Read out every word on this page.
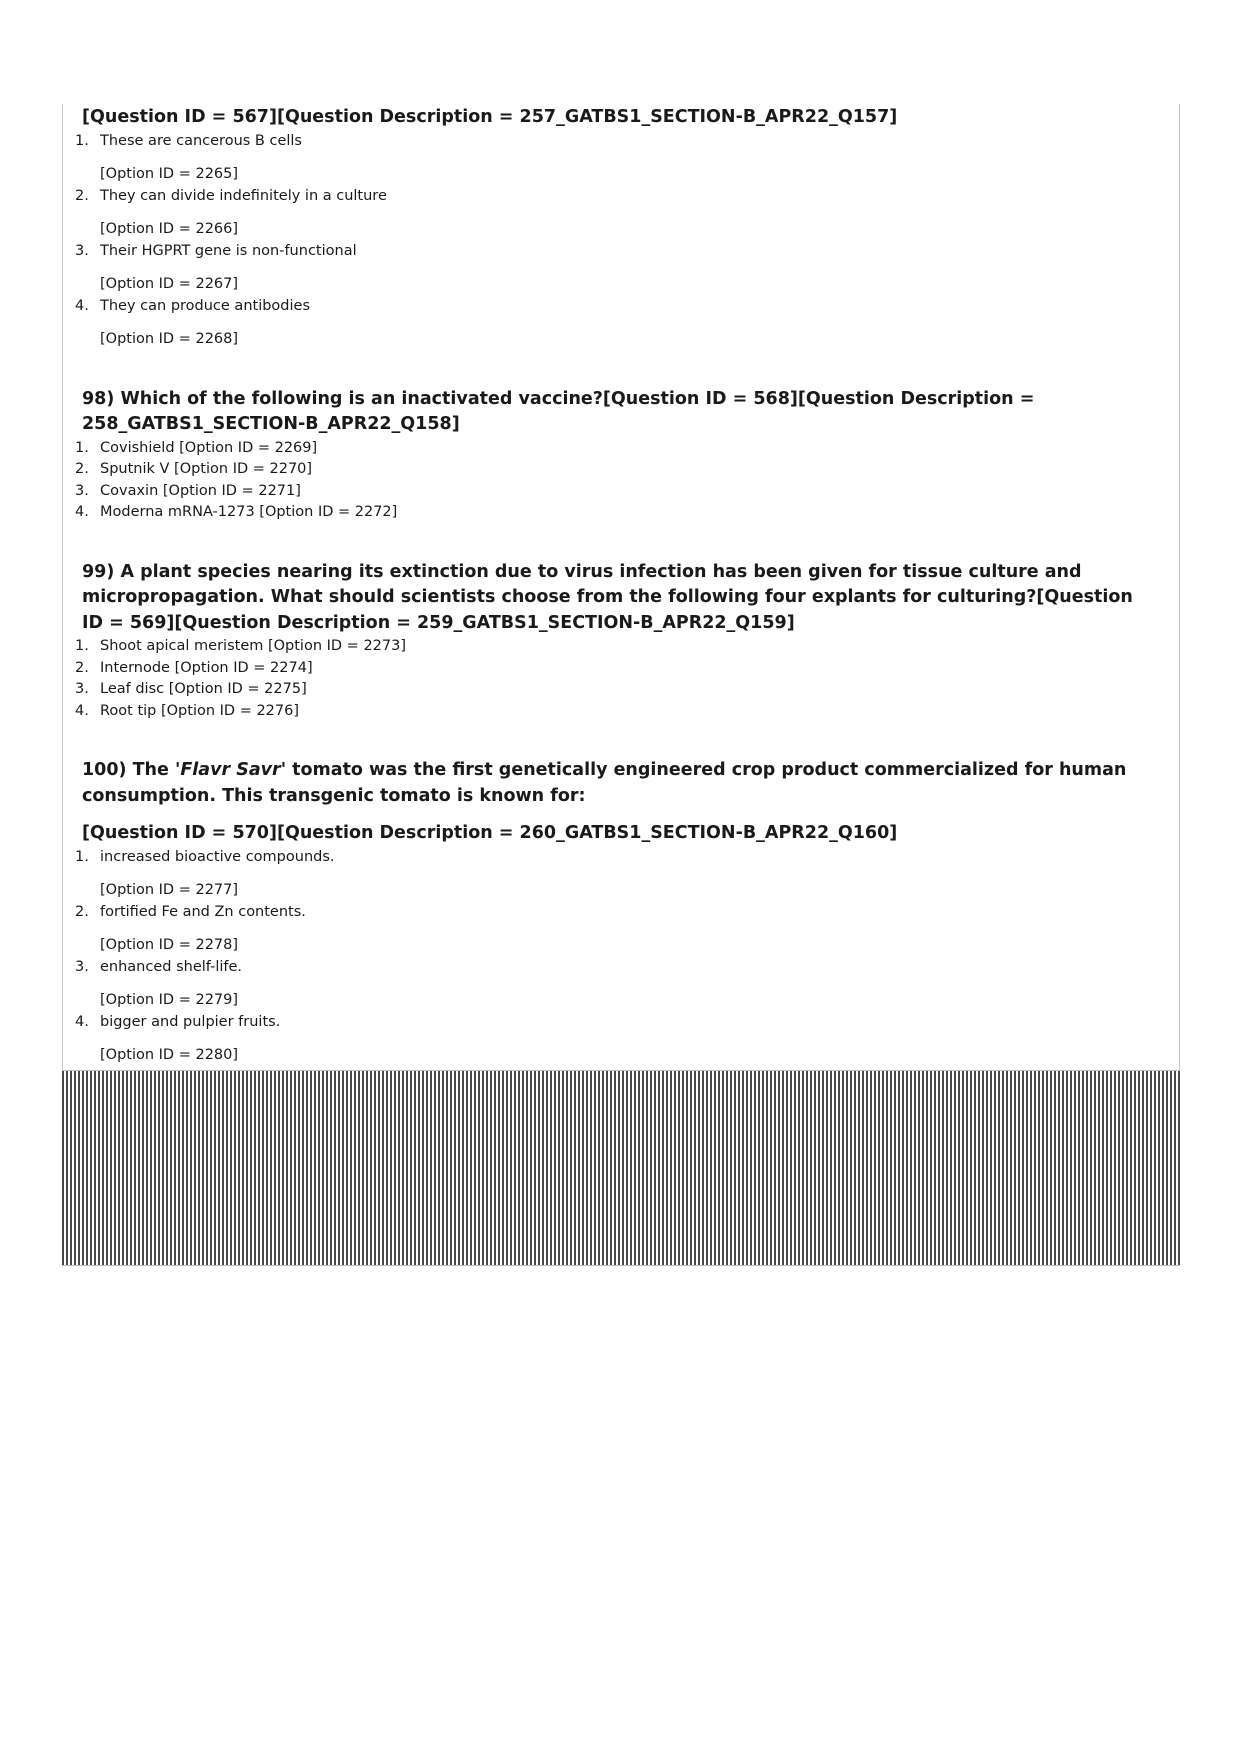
[Question ID = 567][Question Description = 257_GATBS1_SECTION-B_APR22_Q157]
1. These are cancerous B cells
[Option ID = 2265]
2. They can divide indefinitely in a culture
[Option ID = 2266]
3. Their HGPRT gene is non-functional
[Option ID = 2267]
4. They can produce antibodies
[Option ID = 2268]
98) Which of the following is an inactivated vaccine?[Question ID = 568][Question Description = 258_GATBS1_SECTION-B_APR22_Q158]
1. Covishield [Option ID = 2269]
2. Sputnik V [Option ID = 2270]
3. Covaxin [Option ID = 2271]
4. Moderna mRNA-1273 [Option ID = 2272]
99) A plant species nearing its extinction due to virus infection has been given for tissue culture and micropropagation. What should scientists choose from the following four explants for culturing?[Question ID = 569][Question Description = 259_GATBS1_SECTION-B_APR22_Q159]
1. Shoot apical meristem [Option ID = 2273]
2. Internode [Option ID = 2274]
3. Leaf disc [Option ID = 2275]
4. Root tip [Option ID = 2276]
100) The 'Flavr Savr' tomato was the first genetically engineered crop product commercialized for human consumption. This transgenic tomato is known for:
[Question ID = 570][Question Description = 260_GATBS1_SECTION-B_APR22_Q160]
1. increased bioactive compounds.
[Option ID = 2277]
2. fortified Fe and Zn contents.
[Option ID = 2278]
3. enhanced shelf-life.
[Option ID = 2279]
4. bigger and pulpier fruits.
[Option ID = 2280]
